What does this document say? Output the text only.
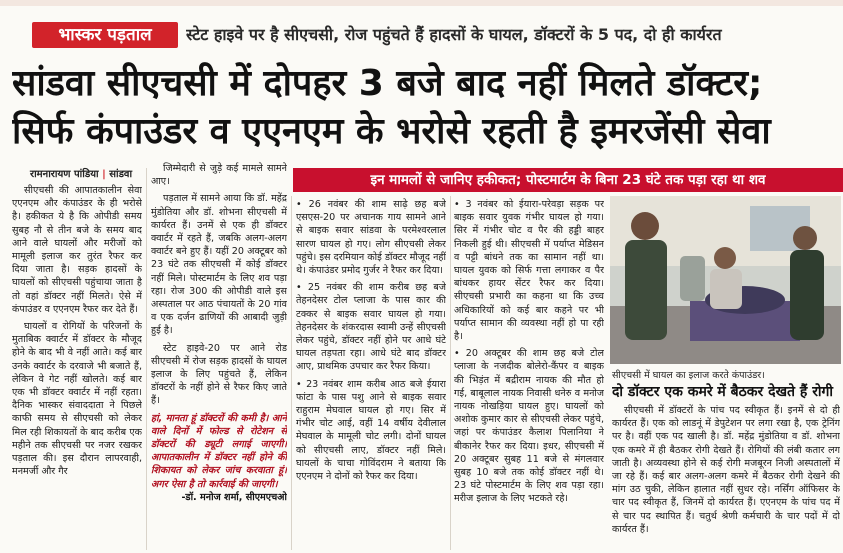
भास्कर पड़ताल	स्टेट हाइवे पर है सीएचसी, रोज पहुंचते हैं हादसों के घायल, डॉक्टरों के 5 पद, दो ही कार्यरत
सांडवा सीएचसी में दोपहर 3 बजे बाद नहीं मिलते डॉक्टर;
सिर्फ कंपाउंडर व एएनएम के भरोसे रहती है इमरजेंसी सेवा
रामनारायण पांडिया | सांडवा	इन मामलों से जानिए हकीकत; पोस्टमार्टम के बिना 23 घंटे तक पड़ा रहा था शव

सीएचसी की आपातकालीन सेवा एएनएम और कंपाउंडर के ही भरोसे है। हकीकत ये है कि ओपीडी समय सुबह नौ से तीन बजे के समय बाद आने वाले घायलों और मरीजों को मामूली इलाज कर तुरंत रैफर कर दिया जाता है। सड़क हादसों के घायलों को सीएचसी पहुंचाया जाता है तो वहां डॉक्टर नहीं मिलते। ऐसे में कंपाउंडर व एएनएम रैफर कर देते हैं।

घायलों व रोगियों के परिजनों के मुताबिक क्वार्टर में डॉक्टर के मौजूद होने के बाद भी वे नहीं आते। कई बार उनके क्वार्टर के दरवाजे भी बजाते हैं, लेकिन वे गेट नहीं खोलते। कई बार एक भी डॉक्टर क्वार्टर में नहीं रहता। दैनिक भास्कर संवाददाता ने पिछले काफी समय से सीएचसी को लेकर मिल रही शिकायतों के बाद करीब एक महीने तक सीएचसी पर नजर रखकर पड़ताल की। इस दौरान लापरवाही, मनमर्जी और गैर

जिम्मेदारी से जुड़े कई मामले सामने आए।

पड़ताल में सामने आया कि डॉ. महेंद्र मुंडोतिया और डॉ. शोभना सीएचसी में कार्यरत हैं। उनमें से एक ही डॉक्टर क्वार्टर में रहते हैं, जबकि अलग-अलग क्वार्टर बने हुए हैं। यहीं 20 अक्टूबर को 23 घंटे तक सीएचसी में कोई डॉक्टर नहीं मिले। पोस्टमार्टम के लिए शव पड़ा रहा। रोज 300 की ओपीडी वाले इस अस्पताल पर आठ पंचायतों के 20 गांव व एक दर्जन ढाणियों की आबादी जुड़ी हुई है।

स्टेट हाइवे-20 पर आने रोड सीएचसी में रोज सड़क हादसों के घायल इलाज के लिए पहुंचते हैं, लेकिन डॉक्टरों के नहीं होने से रैफर किए जाते हैं।

हां, मानता हूं डॉक्टरों की कमी है। आने वाले दिनों में फोल्ड से रोटेशन से डॉक्टरों की ड्यूटी लगाई जाएगी। आपातकालीन में डॉक्टर नहीं होने की शिकायत को लेकर जांच करवाता हूं। अगर ऐसा है तो कार्रवाई की जाएगी।
-डॉ. मनोज शर्मा, सीएमएचओ

• 26 नवंबर की शाम साढ़े छह बजे एसएस-20 पर अचानक गाय सामने आने से बाइक सवार सांडवा के परमेश्वरलाल सारण घायल हो गए। लोग सीएचसी लेकर पहुंचे। इस दरमियान कोई डॉक्टर मौजूद नहीं थे। कंपाउंडर प्रमोद गुर्जर ने रैफर कर दिया।

• 25 नवंबर की शाम करीब छह बजे तेहनदेसर टोल प्लाजा के पास कार की टक्कर से बाइक सवार घायल हो गया। तेहनदेसर के शंकरदास स्वामी उन्हें सीएचसी लेकर पहुंचे, डॉक्टर नहीं होने पर आधे घंटे घायल तड़पता रहा। आधे घंटे बाद डॉक्टर आए, प्राथमिक उपचार कर रैफर किया।

• 23 नवंबर शाम करीब आठ बजे ईयारा फांटा के पास पशु आने से बाइक सवार राहुराम मेघवाल घायल हो गए। सिर में गंभीर चोट आई, वहीं 14 वर्षीय देवीलाल मेघवाल के मामूली चोट लगी। दोनों घायल को सीएचसी लाए, डॉक्टर नहीं मिले। घायलों के चाचा गोविंदराम ने बताया कि एएनएम ने दोनों को रैफर कर दिया।

• 3 नवंबर को ईयारा-परेवड़ा सड़क पर बाइक सवार युवक गंभीर घायल हो गया। सिर में गंभीर चोट व पैर की हड्डी बाहर निकली हुई थी। सीएचसी में पर्याप्त मेडिसन व पट्टी बांधने तक का सामान नहीं था। घायल युवक को सिर्फ गत्ता लगाकर व पैर बांधकर हायर सेंटर रैफर कर दिया। सीएचसी प्रभारी का कहना था कि उच्च अधिकारियों को कई बार कहने पर भी पर्याप्त सामान की व्यवस्था नहीं हो पा रही है।

• 20 अक्टूबर की शाम छह बजे टोल प्लाजा के नजदीक बोलेरो-कैंपर व बाइक की भिड़ंत में बद्रीराम नायक की मौत हो गई, बाबूलाल नायक निवासी धनेरु व मनोज नायक नोखड़िया घायल हुए। घायलों को अशोक कुमार कार से सीएचसी लेकर पहुंचे, जहां पर कंपाउंडर कैलाश पिलानिया ने बीकानेर रैफर कर दिया। इधर, सीएचसी में 20 अक्टूबर सुबह 11 बजे से मंगलवार सुबह 10 बजे तक कोई डॉक्टर नहीं थे। 23 घंटे पोस्टमार्टम के लिए शव पड़ा रहा। मरीज इलाज के लिए भटकते रहे।

सीएचसी में घायल का इलाज करते कंपाउंडर।
दो डॉक्टर एक कमरे में बैठकर देखते हैं रोगी

सीएचसी में डॉक्टरों के पांच पद स्वीकृत हैं। इनमें से दो ही कार्यरत हैं। एक को लाडनूं में डेपुटेशन पर लगा रखा है, एक ट्रेनिंग पर है। वहीं एक पद खाली है। डॉ. महेंद्र मुंडोतिया व डॉ. शोभना एक कमरे में ही बैठकर रोगी देखते हैं। रोगियों की लंबी कतार लग जाती है। अव्यवस्था होने से कई रोगी मजबूरन निजी अस्पतालों में जा रहे हैं। कई बार अलग-अलग कमरे में बैठकर रोगी देखने की मांग उठ चुकी, लेकिन हालात नहीं सुधर रहे। नर्सिंग ऑफिसर के चार पद स्वीकृत हैं, जिनमें दो कार्यरत हैं। एएनएम के पांच पद में से चार पद स्थापित हैं। चतुर्थ श्रेणी कर्मचारी के चार पदों में दो कार्यरत हैं।
